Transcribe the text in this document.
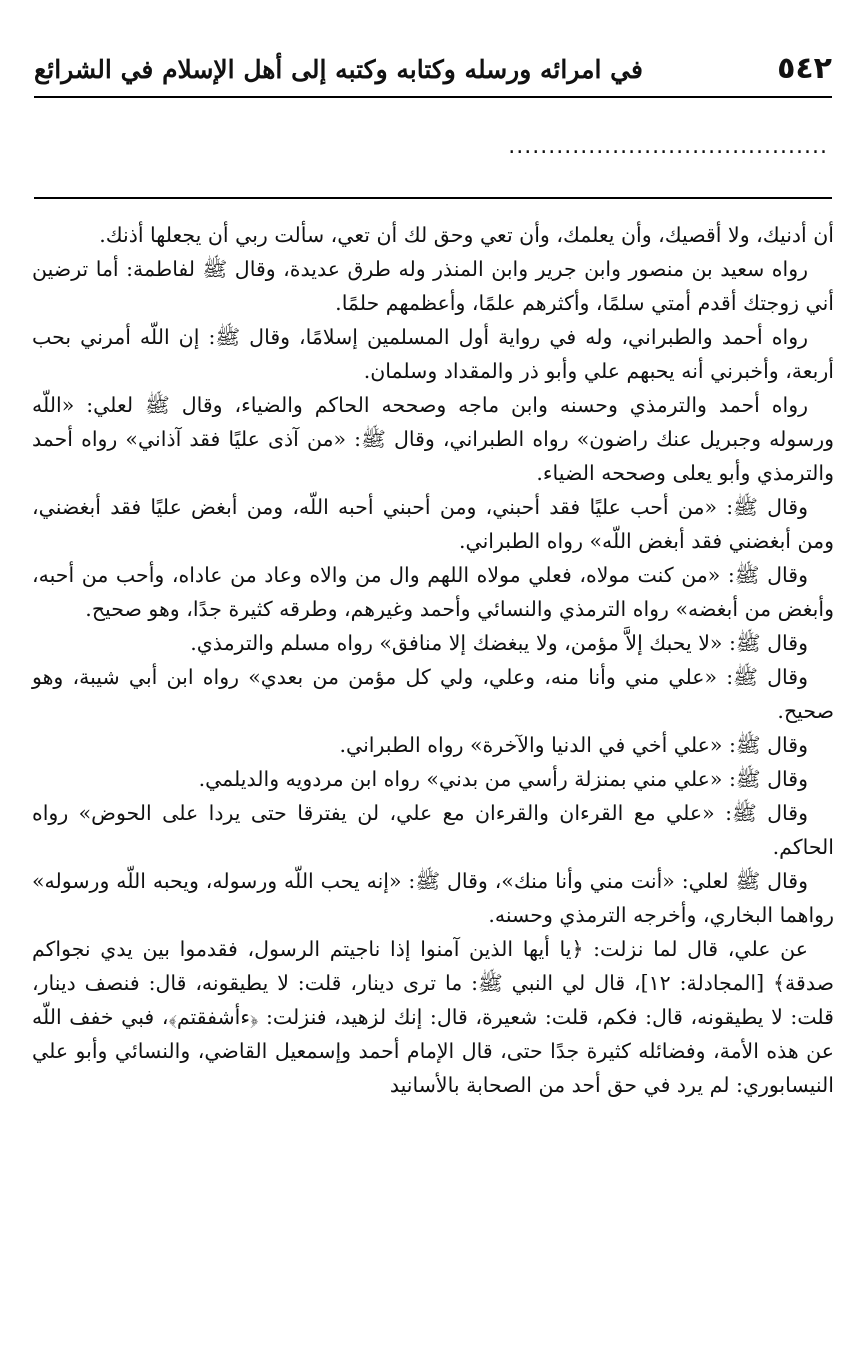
٥٤٢
في امرائه ورسله وكتابه وكتبه إلى أهل الإسلام في الشرائع
........................................

أن أدنيك، ولا أقصيك، وأن يعلمك، وأن تعي وحق لك أن تعي، سألت ربي أن يجعلها أذنك.

رواه سعيد بن منصور وابن جرير وابن المنذر وله طرق عديدة، وقال ﷺ لفاطمة: أما ترضين أني زوجتك أقدم أمتي سلمًا، وأكثرهم علمًا، وأعظمهم حلمًا.

رواه أحمد والطبراني، وله في رواية أول المسلمين إسلامًا، وقال ﷺ: إن اللّه أمرني بحب أربعة، وأخبرني أنه يحبهم علي وأبو ذر والمقداد وسلمان.

رواه أحمد والترمذي وحسنه وابن ماجه وصححه الحاكم والضياء، وقال ﷺ لعلي: «اللّه ورسوله وجبريل عنك راضون» رواه الطبراني، وقال ﷺ: «من آذى عليًا فقد آذاني» رواه أحمد والترمذي وأبو يعلى وصححه الضياء.

وقال ﷺ: «من أحب عليًا فقد أحبني، ومن أحبني أحبه اللّه، ومن أبغض عليًا فقد أبغضني، ومن أبغضني فقد أبغض اللّه» رواه الطبراني.

وقال ﷺ: «من كنت مولاه، فعلي مولاه اللهم وال من والاه وعاد من عاداه، وأحب من أحبه، وأبغض من أبغضه» رواه الترمذي والنسائي وأحمد وغيرهم، وطرقه كثيرة جدًا، وهو صحيح.

وقال ﷺ: «لا يحبك إلاَّ مؤمن، ولا يبغضك إلا منافق» رواه مسلم والترمذي.

وقال ﷺ: «علي مني وأنا منه، وعلي، ولي كل مؤمن من بعدي» رواه ابن أبي شيبة، وهو صحيح.

وقال ﷺ: «علي أخي في الدنيا والآخرة» رواه الطبراني.

وقال ﷺ: «علي مني بمنزلة رأسي من بدني» رواه ابن مردويه والديلمي.

وقال ﷺ: «علي مع القرءان والقرءان مع علي، لن يفترقا حتى يردا على الحوض» رواه الحاكم.

وقال ﷺ لعلي: «أنت مني وأنا منك»، وقال ﷺ: «إنه يحب اللّه ورسوله، ويحبه اللّه ورسوله» رواهما البخاري، وأخرجه الترمذي وحسنه.

عن علي، قال لما نزلت: ﴿يا أيها الذين آمنوا إذا ناجيتم الرسول، فقدموا بين يدي نجواكم صدقة﴾ [المجادلة: ١٢]، قال لي النبي ﷺ: ما ترى دينار، قلت: لا يطيقونه، قال: فنصف دينار، قلت: لا يطيقونه، قال: فكم، قلت: شعيرة، قال: إنك لزهيد، فنزلت: ﴿ءأشفقتم﴾، فبي خفف اللّه عن هذه الأمة، وفضائله كثيرة جدًا حتى، قال الإمام أحمد وإسمعيل القاضي، والنسائي وأبو علي النيسابوري: لم يرد في حق أحد من الصحابة بالأسانيد
